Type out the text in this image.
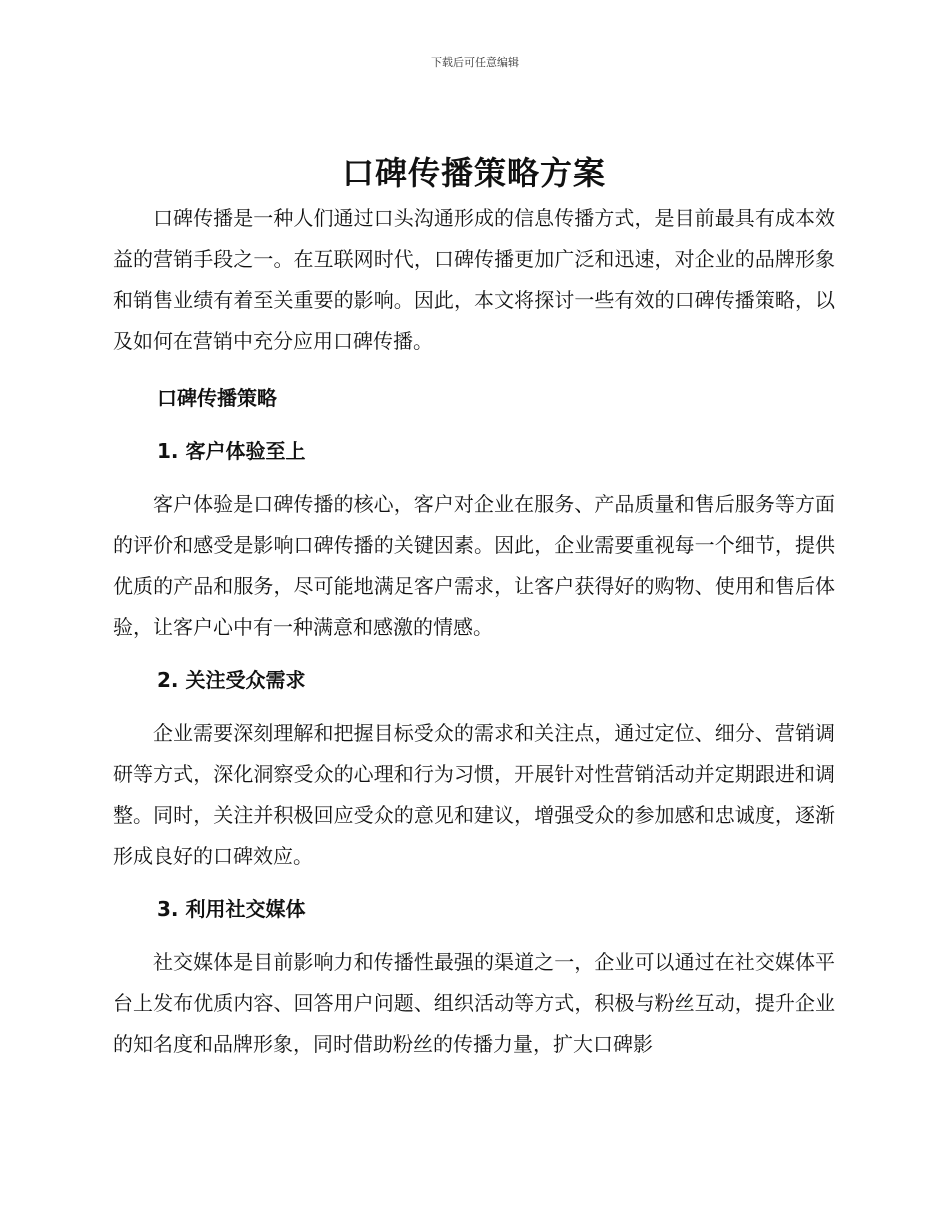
下载后可任意编辑
口碑传播策略方案

口碑传播是一种人们通过口头沟通形成的信息传播方式，是目前最具有成本效益的营销手段之一。在互联网时代，口碑传播更加广泛和迅速，对企业的品牌形象和销售业绩有着至关重要的影响。因此，本文将探讨一些有效的口碑传播策略，以及如何在营销中充分应用口碑传播。

口碑传播策略
1. 客户体验至上

客户体验是口碑传播的核心，客户对企业在服务、产品质量和售后服务等方面的评价和感受是影响口碑传播的关键因素。因此，企业需要重视每一个细节，提供优质的产品和服务，尽可能地满足客户需求，让客户获得好的购物、使用和售后体验，让客户心中有一种满意和感激的情感。

2. 关注受众需求

企业需要深刻理解和把握目标受众的需求和关注点，通过定位、细分、营销调研等方式，深化洞察受众的心理和行为习惯，开展针对性营销活动并定期跟进和调整。同时，关注并积极回应受众的意见和建议，增强受众的参加感和忠诚度，逐渐形成良好的口碑效应。

3. 利用社交媒体

社交媒体是目前影响力和传播性最强的渠道之一，企业可以通过在社交媒体平台上发布优质内容、回答用户问题、组织活动等方式，积极与粉丝互动，提升企业的知名度和品牌形象，同时借助粉丝的传播力量，扩大口碑影
